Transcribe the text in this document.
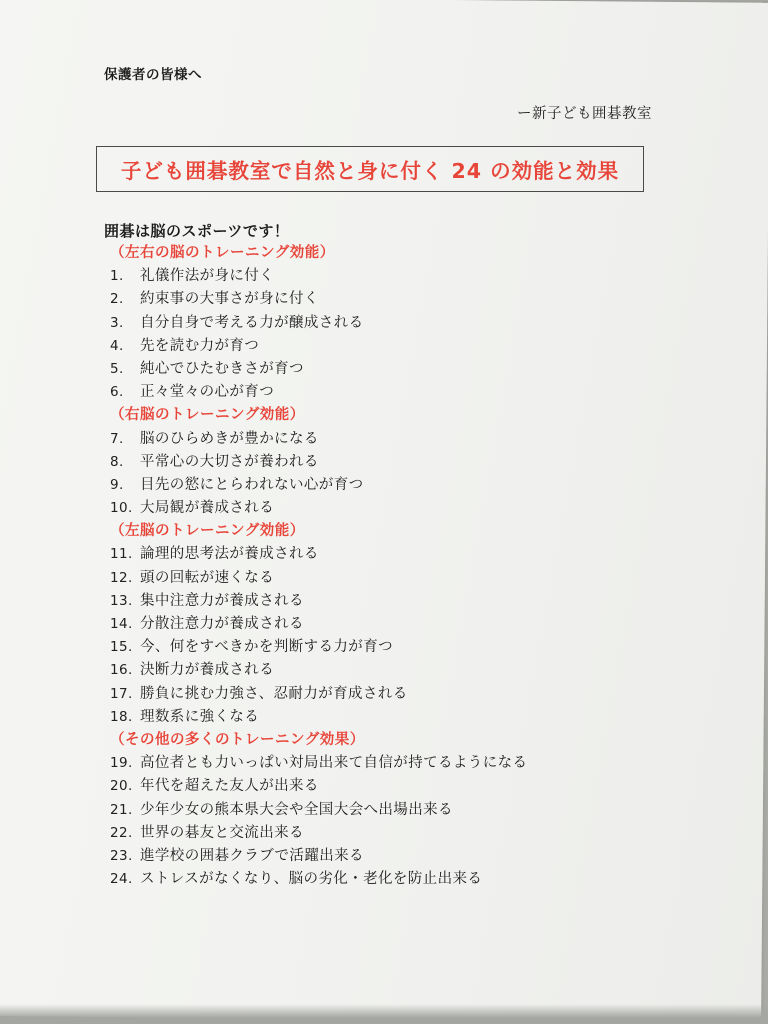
保護者の皆様へ
ー新子ども囲碁教室
子ども囲碁教室で自然と身に付く 24 の効能と効果
囲碁は脳のスポーツです！
（左右の脳のトレーニング効能）
1.	礼儀作法が身に付く
2.	約束事の大事さが身に付く
3.	自分自身で考える力が醸成される
4.	先を読む力が育つ
5.	純心でひたむきさが育つ
6.	正々堂々の心が育つ
（右脳のトレーニング効能）
7.	脳のひらめきが豊かになる
8.	平常心の大切さが養われる
9.	目先の慾にとらわれない心が育つ
10. 大局観が養成される
（左脳のトレーニング効能）
11. 論理的思考法が養成される
12. 頭の回転が速くなる
13. 集中注意力が養成される
14. 分散注意力が養成される
15. 今、何をすべきかを判断する力が育つ
16. 決断力が養成される
17. 勝負に挑む力強さ、忍耐力が育成される
18. 理数系に強くなる
（その他の多くのトレーニング効果）
19. 高位者とも力いっぱい対局出来て自信が持てるようになる
20. 年代を超えた友人が出来る
21. 少年少女の熊本県大会や全国大会へ出場出来る
22. 世界の碁友と交流出来る
23. 進学校の囲碁クラブで活躍出来る
24. ストレスがなくなり、脳の劣化・老化を防止出来る
